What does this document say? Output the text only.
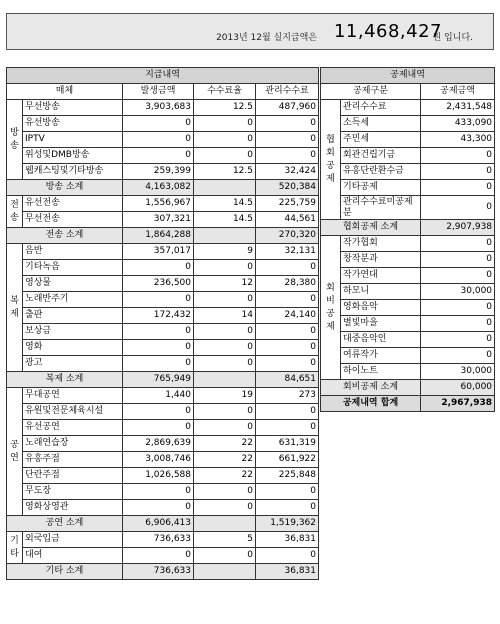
2013년 12월 실지급액은 11,468,427
원 입니다.
지급내역				
매체		발생금액	수수료율	관리수수료
방
송	무선방송	3,903,683	12.5	487,960
	유선방송	0	0	0
	IPTV	0	0	0
	위성및DMB방송	0	0	0
	웹캐스팅및기타방송	259,399	12.5	32,424
방송 소계		4,163,082		520,384
전
송	유선전송	1,556,967	14.5	225,759
	무선전송	307,321	14.5	44,561
전송 소계		1,864,288		270,320
복
제	음반	357,017	9	32,131
	기타녹음	0	0	0
	영상물	236,500	12	28,380
	노래반주기	0	0	0
	출판	172,432	14	24,140
	보상금	0	0	0
	영화	0	0	0
	광고	0	0	0
복제 소계		765,949		84,651
공
연	무대공연	1,440	19	273
	유원및전문체육시설	0	0	0
	유선공연	0	0	0
	노래연습장	2,869,639	22	631,319
	유흥주점	3,008,746	22	661,922
	단란주점	1,026,588	22	225,848
	무도장	0	0	0
	영화상영관	0	0	0
공연 소계		6,906,413		1,519,362
기
타	외국입금	736,633	5	36,831
	대여	0	0	0
기타 소계		736,633		36,831
공제내역		
공제구분		공제금액
협
회
공
제	관리수수료	2,431,548
	소득세	433,090
	주민세	43,300
	회관건립기금	0
	유흥단란환수금	0
	기타공제	0
	관리수수료미공제분	0
협회공제 소계		2,907,938
회
비
공
제	작가협회	0
	창작분과	0
	작가연대	0
	하모니	30,000
	영화음악	0
	별빛마을	0
	대중음악인	0
	여류작가	0
	하이노트	30,000
회비공제 소계		60,000
공제내역 합계		2,967,938
